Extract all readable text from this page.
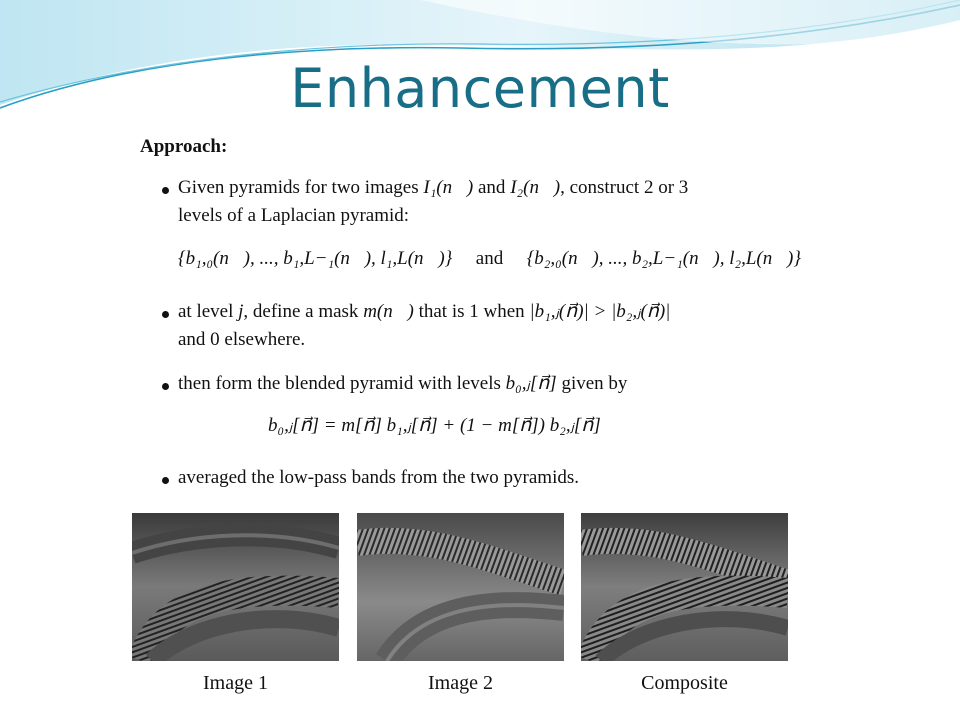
Enhancement
Approach:
Given pyramids for two images I₁(n⃗) and I₂(n⃗), construct 2 or 3
levels of a Laplacian pyramid:
{b₁,₀(n⃗), ..., b₁,L−₁(n⃗), l₁,L(n⃗)} and {b₂,₀(n⃗), ..., b₂,L−₁(n⃗), l₂,L(n⃗)}
at level j, define a mask m(n⃗) that is 1 when |b₁,ⱼ(n⃗)| > |b₂,ⱼ(n⃗)|
and 0 elsewhere.
then form the blended pyramid with levels b₀,ⱼ[n⃗] given by
b₀,ⱼ[n⃗] = m[n⃗] b₁,ⱼ[n⃗] + (1 − m[n⃗]) b₂,ⱼ[n⃗]
averaged the low-pass bands from the two pyramids.
Image 1	Image 2	Composite
